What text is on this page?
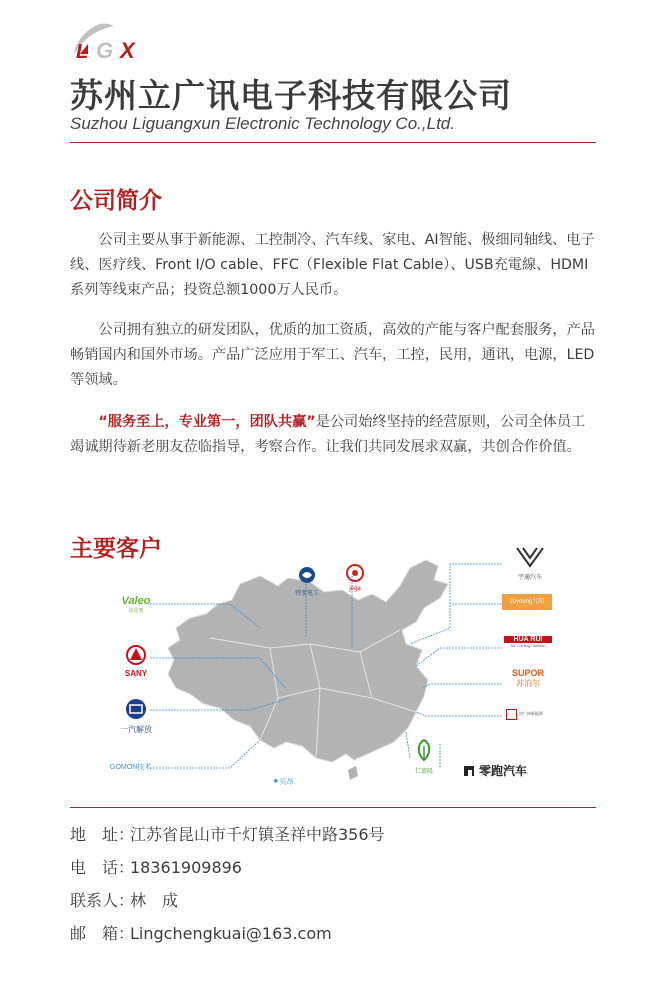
L G X
苏州立广讯电子科技有限公司
Suzhou Liguangxun Electronic Technology Co.,Ltd.
公司简介
公司主要从事于新能源、工控制冷、汽车线、家电、AI智能、极细同轴线、电子线、医疗线、Front I/O cable、FFC（Flexible Flat Cable）、USB充電線、HDMI系列等线束产品；投资总额1000万人民币。
公司拥有独立的研发团队，优质的加工资质，高效的产能与客户配套服务，产品畅销国内和国外市场。产品广泛应用于军工、汽车，工控，民用，通讯，电源，LED等领域。
“服务至上，专业第一，团队共赢”是公司始终坚持的经营原则，公司全体员工竭诚期待新老朋友莅临指导，考察合作。让我们共同发展求双赢，共创合作价值。
主要客户
Valeo
法雷奥
SANY
一汽解放
GOMON技术
特变电工
jega
宇通汽车
Joyoung九阳
HUA RUI
Air Cooling Solution
SUPOR
苏泊尔
中广核新能源
✦贝昂
仁寰隆	零跑汽车
地　址：江苏省昆山市千灯镇圣祥中路356号
电　话：18361909896
联系人：林　成
邮　箱：Lingchengkuai@163.com
